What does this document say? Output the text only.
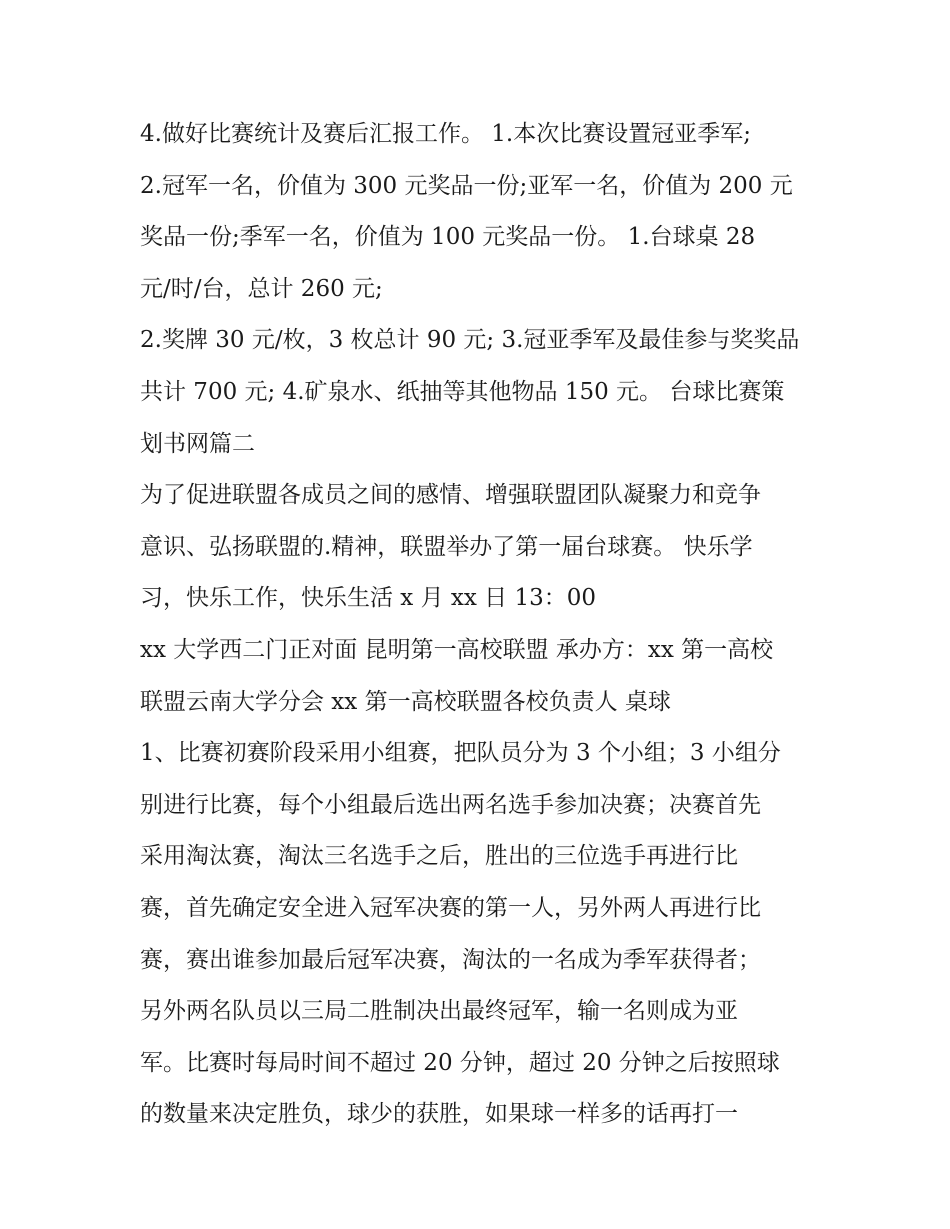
4.做好比赛统计及赛后汇报工作。 1.本次比赛设置冠亚季军;
2.冠军一名，价值为 300 元奖品一份;亚军一名，价值为 200 元
奖品一份;季军一名，价值为 100 元奖品一份。 1.台球桌 28
元/时/台，总计 260 元;
2.奖牌 30 元/枚，3 枚总计 90 元; 3.冠亚季军及最佳参与奖奖品
共计 700 元; 4.矿泉水、纸抽等其他物品 150 元。 台球比赛策
划书网篇二
为了促进联盟各成员之间的感情、增强联盟团队凝聚力和竞争
意识、弘扬联盟的.精神，联盟举办了第一届台球赛。 快乐学
习，快乐工作，快乐生活 x 月 xx 日 13：00
xx 大学西二门正对面 昆明第一高校联盟 承办方：xx 第一高校
联盟云南大学分会 xx 第一高校联盟各校负责人 桌球
1、比赛初赛阶段采用小组赛，把队员分为 3 个小组；3 小组分
别进行比赛，每个小组最后选出两名选手参加决赛；决赛首先
采用淘汰赛，淘汰三名选手之后，胜出的三位选手再进行比
赛，首先确定安全进入冠军决赛的第一人，另外两人再进行比
赛，赛出谁参加最后冠军决赛，淘汰的一名成为季军获得者；
另外两名队员以三局二胜制决出最终冠军，输一名则成为亚
军。比赛时每局时间不超过 20 分钟，超过 20 分钟之后按照球
的数量来决定胜负，球少的获胜，如果球一样多的话再打一
